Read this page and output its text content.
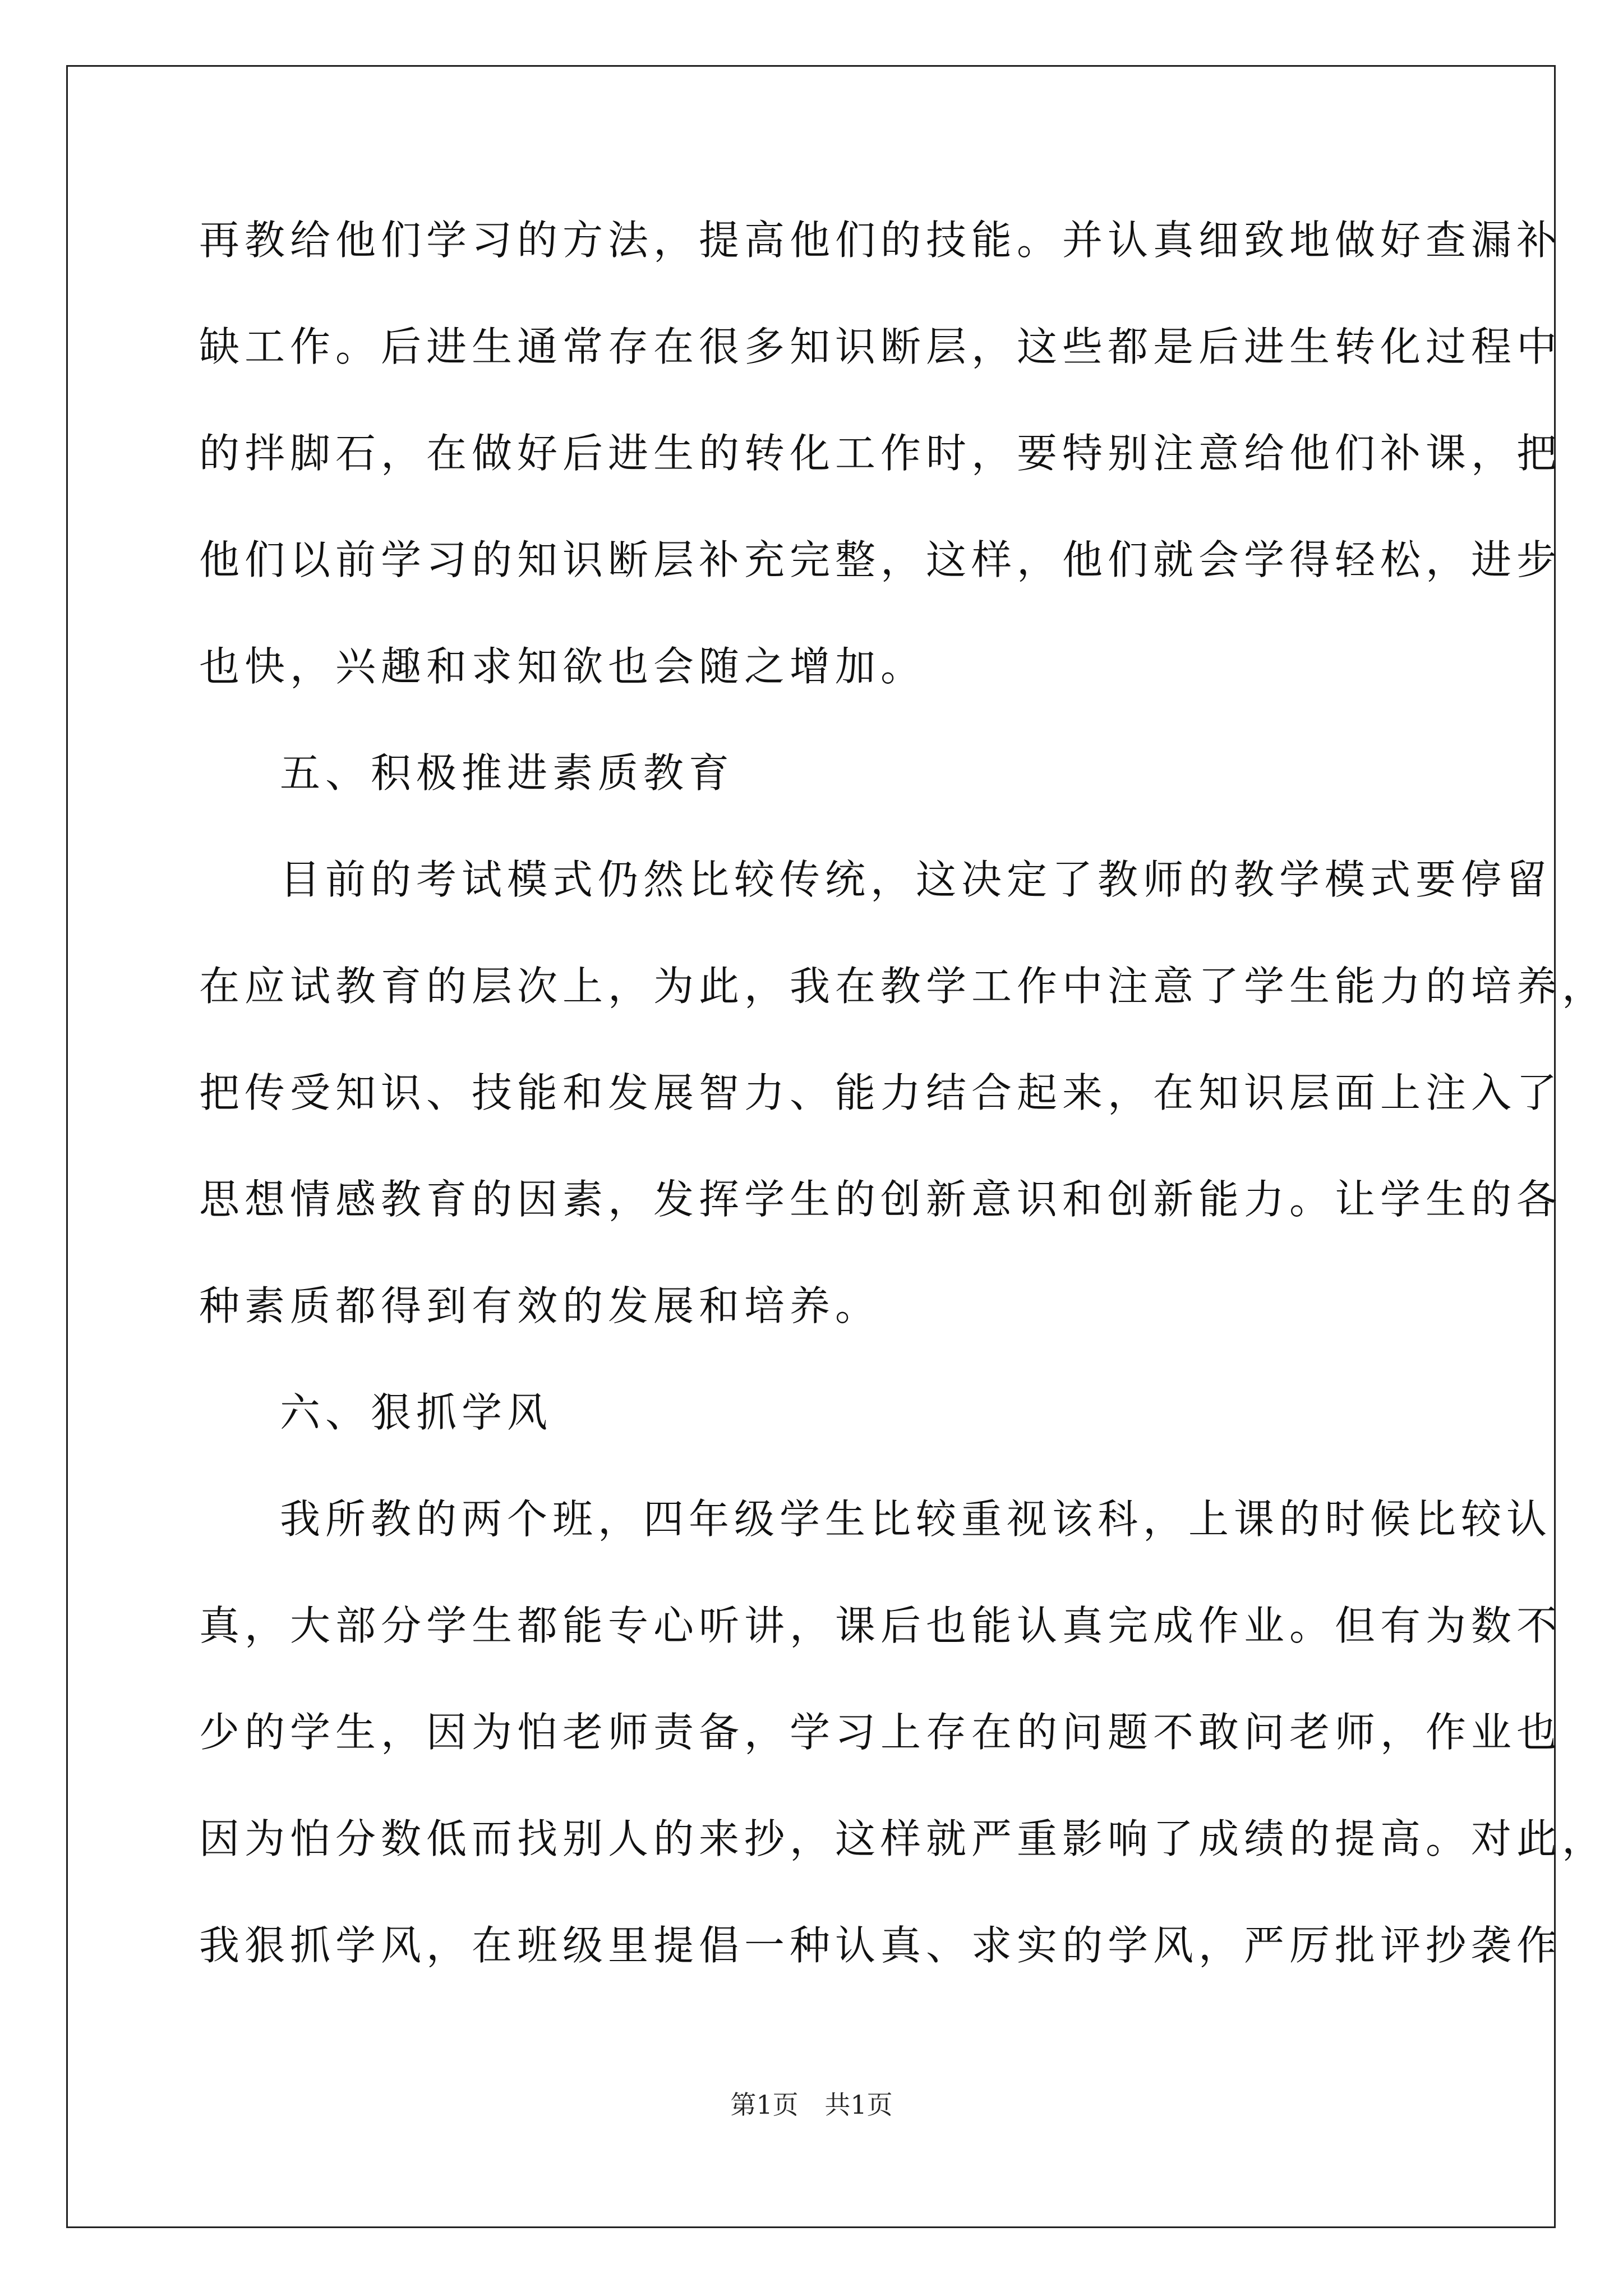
再教给他们学习的方法，提高他们的技能。并认真细致地做好查漏补
缺工作。后进生通常存在很多知识断层，这些都是后进生转化过程中
的拌脚石，在做好后进生的转化工作时，要特别注意给他们补课，把
他们以前学习的知识断层补充完整，这样，他们就会学得轻松，进步
也快，兴趣和求知欲也会随之增加。
五、积极推进素质教育
目前的考试模式仍然比较传统，这决定了教师的教学模式要停留
在应试教育的层次上，为此，我在教学工作中注意了学生能力的培养，
把传受知识、技能和发展智力、能力结合起来，在知识层面上注入了
思想情感教育的因素，发挥学生的创新意识和创新能力。让学生的各
种素质都得到有效的发展和培养。
六、狠抓学风
我所教的两个班，四年级学生比较重视该科，上课的时候比较认
真，大部分学生都能专心听讲，课后也能认真完成作业。但有为数不
少的学生，因为怕老师责备，学习上存在的问题不敢问老师，作业也
因为怕分数低而找别人的来抄，这样就严重影响了成绩的提高。对此，
我狠抓学风，在班级里提倡一种认真、求实的学风，严厉批评抄袭作
第1页 共1页
